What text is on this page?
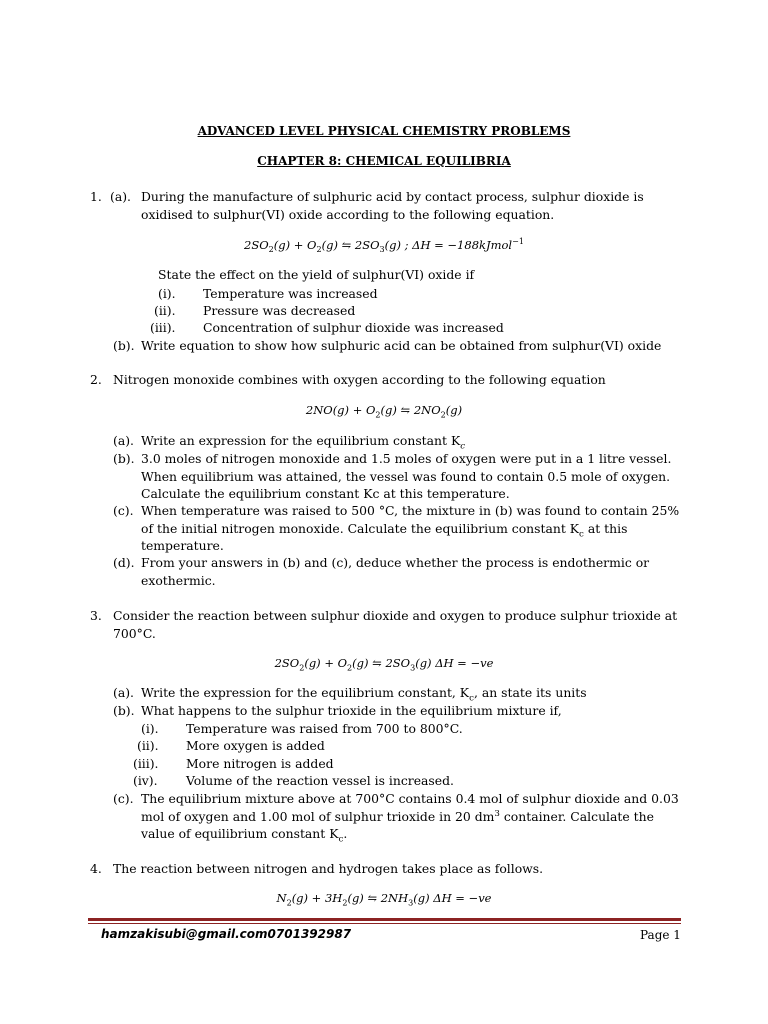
ADVANCED LEVEL PHYSICAL CHEMISTRY PROBLEMS
CHAPTER 8: CHEMICAL EQUILIBRIA
1. (a). During the manufacture of sulphuric acid by contact process, sulphur dioxide is
oxidised to sulphur(VI) oxide according to the following equation.
$2SO_2(g) + O_2(g)$ ⇋ $2SO_3(g)$ ; ΔH = −188kJmol$^{-1}$
State the effect on the yield of sulphur(VI) oxide if
(i). Temperature was increased
(ii). Pressure was decreased
(iii). Concentration of sulphur dioxide was increased
(b). Write equation to show how sulphuric acid can be obtained from sulphur(VI) oxide
2. Nitrogen monoxide combines with oxygen according to the following equation
$2NO(g) + O_2(g)$ ⇋ $2NO_2(g)$
(a). Write an expression for the equilibrium constant $K_c$
(b). 3.0 moles of nitrogen monoxide and 1.5 moles of oxygen were put in a 1 litre vessel.
When equilibrium was attained, the vessel was found to contain 0.5 mole of oxygen.
Calculate the equilibrium constant Kc at this temperature.
(c). When temperature was raised to 500 °C, the mixture in (b) was found to contain 25%
of the initial nitrogen monoxide. Calculate the equilibrium constant $K_c$ at this
temperature.
(d). From your answers in (b) and (c), deduce whether the process is endothermic or
exothermic.
3. Consider the reaction between sulphur dioxide and oxygen to produce sulphur trioxide at
700°C.
$2SO_2(g) + O_2(g)$ ⇋ $2SO_3(g) \Delta H = -ve$
(a). Write the expression for the equilibrium constant, $K_c$, an state its units
(b). What happens to the sulphur trioxide in the equilibrium mixture if,
(i). Temperature was raised from 700 to 800°C.
(ii). More oxygen is added
(iii). More nitrogen is added
(iv). Volume of the reaction vessel is increased.
(c). The equilibrium mixture above at 700°C contains 0.4 mol of sulphur dioxide and 0.03
mol of oxygen and 1.00 mol of sulphur trioxide in 20 $dm^3$ container. Calculate the
value of equilibrium constant $K_c$.
4. The reaction between nitrogen and hydrogen takes place as follows.
$N_2(g) + 3H_2(g)$ ⇋ $2NH_3(g) \Delta H = -ve$
hamzakisubi@gmail.com0701392987	Page 1
